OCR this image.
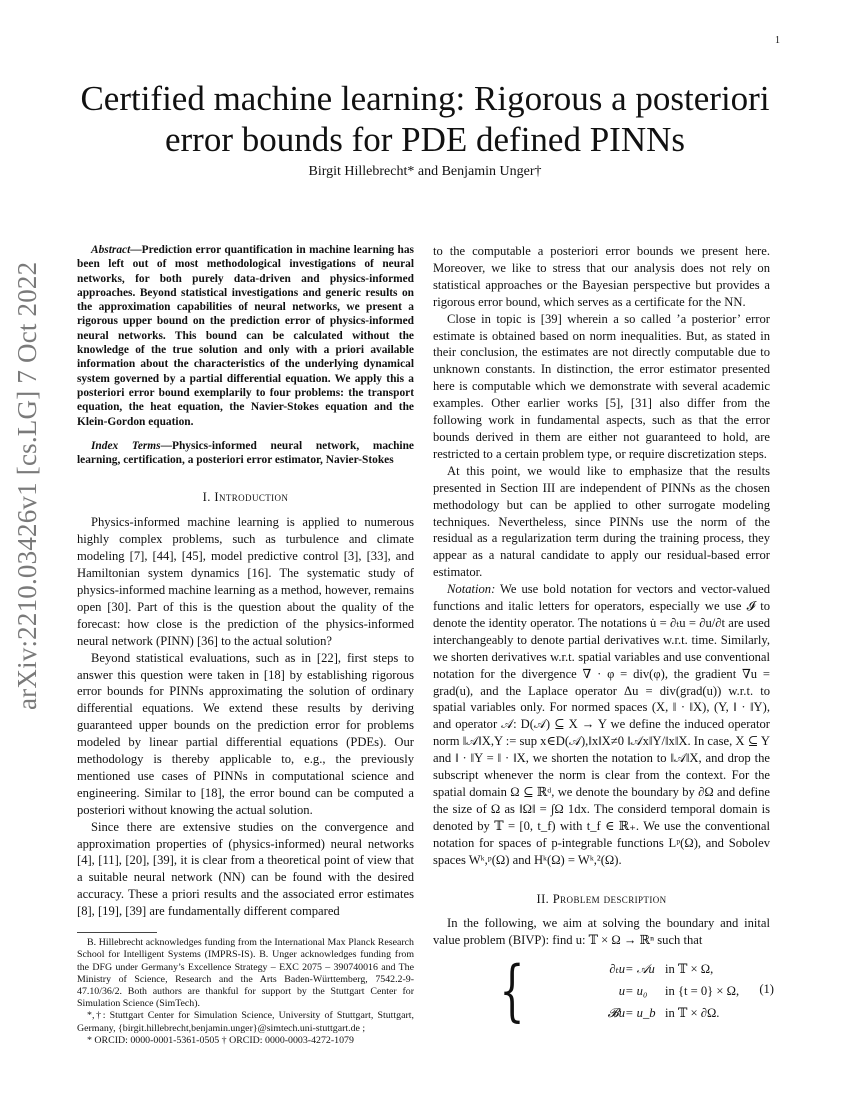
1
arXiv:2210.03426v1 [cs.LG] 7 Oct 2022
Certified machine learning: Rigorous a posteriori
error bounds for PDE defined PINNs
Birgit Hillebrecht* and Benjamin Unger†

Abstract—Prediction error quantification in machine learning has been left out of most methodological investigations of neural networks, for both purely data-driven and physics-informed approaches. Beyond statistical investigations and generic results on the approximation capabilities of neural networks, we present a rigorous upper bound on the prediction error of physics-informed neural networks. This bound can be calculated without the knowledge of the true solution and only with a priori available information about the characteristics of the underlying dynamical system governed by a partial differential equation. We apply this a posteriori error bound exemplarily to four problems: the transport equation, the heat equation, the Navier-Stokes equation and the Klein-Gordon equation.

Index Terms—Physics-informed neural network, machine learning, certification, a posteriori error estimator, Navier-Stokes

I. Introduction

Physics-informed machine learning is applied to numerous highly complex problems, such as turbulence and climate modeling [7], [44], [45], model predictive control [3], [33], and Hamiltonian system dynamics [16]. The systematic study of physics-informed machine learning as a method, however, remains open [30]. Part of this is the question about the quality of the forecast: how close is the prediction of the physics-informed neural network (PINN) [36] to the actual solution?

Beyond statistical evaluations, such as in [22], first steps to answer this question were taken in [18] by establishing rigorous error bounds for PINNs approximating the solution of ordinary differential equations. We extend these results by deriving guaranteed upper bounds on the prediction error for problems modeled by linear partial differential equations (PDEs). Our methodology is thereby applicable to, e.g., the previously mentioned use cases of PINNs in computational science and engineering. Similar to [18], the error bound can be computed a posteriori without knowing the actual solution.

Since there are extensive studies on the convergence and approximation properties of (physics-informed) neural networks [4], [11], [20], [39], it is clear from a theoretical point of view that a suitable neural network (NN) can be found with the desired accuracy. These a priori results and the associated error estimates [8], [19], [39] are fundamentally different compared

B. Hillebrecht acknowledges funding from the International Max Planck Research School for Intelligent Systems (IMPRS-IS). B. Unger acknowledges funding from the DFG under Germany’s Excellence Strategy – EXC 2075 – 390740016 and The Ministry of Science, Research and the Arts Baden-Württemberg, 7542.2-9-47.10/36/2. Both authors are thankful for support by the Stuttgart Center for Simulation Science (SimTech).

*,†: Stuttgart Center for Simulation Science, University of Stuttgart, Stuttgart, Germany, {birgit.hillebrecht,benjamin.unger}@simtech.uni-stuttgart.de ;

* ORCID: 0000-0001-5361-0505 † ORCID: 0000-0003-4272-1079

to the computable a posteriori error bounds we present here. Moreover, we like to stress that our analysis does not rely on statistical approaches or the Bayesian perspective but provides a rigorous error bound, which serves as a certificate for the NN.

Close in topic is [39] wherein a so called ’a posterior’ error estimate is obtained based on norm inequalities. But, as stated in their conclusion, the estimates are not directly computable due to unknown constants. In distinction, the error estimator presented here is computable which we demonstrate with several academic examples. Other earlier works [5], [31] also differ from the following work in fundamental aspects, such as that the error bounds derived in them are either not guaranteed to hold, are restricted to a certain problem type, or require discretization steps.

At this point, we would like to emphasize that the results presented in Section III are independent of PINNs as the chosen methodology but can be applied to other surrogate modeling techniques. Nevertheless, since PINNs use the norm of the residual as a regularization term during the training process, they appear as a natural candidate to apply our residual-based error estimator.

Notation: We use bold notation for vectors and vector-valued functions and italic letters for operators, especially we use 𝓘 to denote the identity operator. The notations u̇ = ∂ₜu = ∂u/∂t are used interchangeably to denote partial derivatives w.r.t. time. Similarly, we shorten derivatives w.r.t. spatial variables and use conventional notation for the divergence ∇ · φ = div(φ), the gradient ∇u = grad(u), and the Laplace operator Δu = div(grad(u)) w.r.t. to spatial variables only. For normed spaces (X, ‖ · ‖X), (Y, ‖ · ‖Y), and operator 𝒜: D(𝒜) ⊆ X → Y we define the induced operator norm ‖𝒜‖X,Y := sup x∈D(𝒜),‖x‖X≠0 ‖𝒜x‖Y/‖x‖X. In case, X ⊆ Y and ‖ · ‖Y = ‖ · ‖X, we shorten the notation to ‖𝒜‖X, and drop the subscript whenever the norm is clear from the context. For the spatial domain Ω ⊆ ℝᵈ, we denote the boundary by ∂Ω and define the size of Ω as ‖Ω‖ = ∫Ω 1dx. The considerd temporal domain is denoted by 𝕋 = [0, t_f) with t_f ∈ ℝ₊. We use the conventional notation for spaces of p-integrable functions Lᵖ(Ω), and Sobolev spaces Wᵏ,ᵖ(Ω) and Hᵏ(Ω) = Wᵏ,²(Ω).

II. Problem description

In the following, we aim at solving the boundary and inital value problem (BIVP): find u: 𝕋 × Ω → ℝⁿ such that

{	∂ₜu = 𝒜u in 𝕋 × Ω,
u = u₀	in {t = 0} × Ω,
𝓑u = u_b in 𝕋 × ∂Ω.
(1)
